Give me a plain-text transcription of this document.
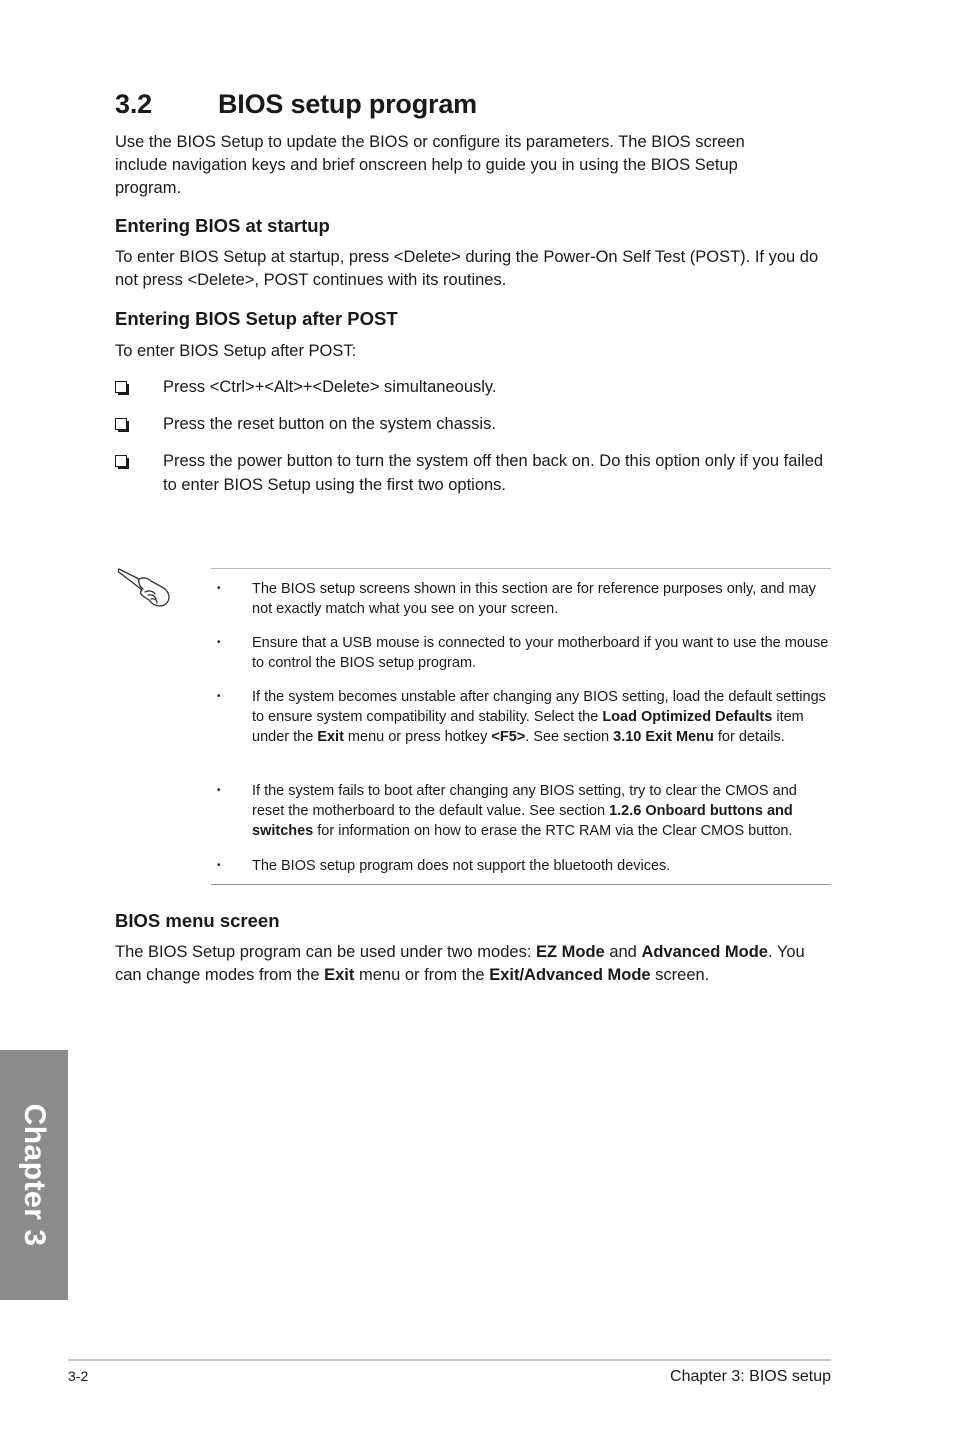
3.2 BIOS setup program
Use the BIOS Setup to update the BIOS or configure its parameters. The BIOS screen include navigation keys and brief onscreen help to guide you in using the BIOS Setup program.
Entering BIOS at startup
To enter BIOS Setup at startup, press <Delete> during the Power-On Self Test (POST). If you do not press <Delete>, POST continues with its routines.
Entering BIOS Setup after POST
To enter BIOS Setup after POST:
Press <Ctrl>+<Alt>+<Delete> simultaneously.
Press the reset button on the system chassis.
Press the power button to turn the system off then back on. Do this option only if you failed to enter BIOS Setup using the first two options.
• The BIOS setup screens shown in this section are for reference purposes only, and may not exactly match what you see on your screen.
• Ensure that a USB mouse is connected to your motherboard if you want to use the mouse to control the BIOS setup program.
• If the system becomes unstable after changing any BIOS setting, load the default settings to ensure system compatibility and stability. Select the Load Optimized Defaults item under the Exit menu or press hotkey <F5>. See section 3.10 Exit Menu for details.
• If the system fails to boot after changing any BIOS setting, try to clear the CMOS and reset the motherboard to the default value. See section 1.2.6 Onboard buttons and switches for information on how to erase the RTC RAM via the Clear CMOS button.
• The BIOS setup program does not support the bluetooth devices.
BIOS menu screen
The BIOS Setup program can be used under two modes: EZ Mode and Advanced Mode. You can change modes from the Exit menu or from the Exit/Advanced Mode screen.
Chapter 3
3-2	Chapter 3: BIOS setup
